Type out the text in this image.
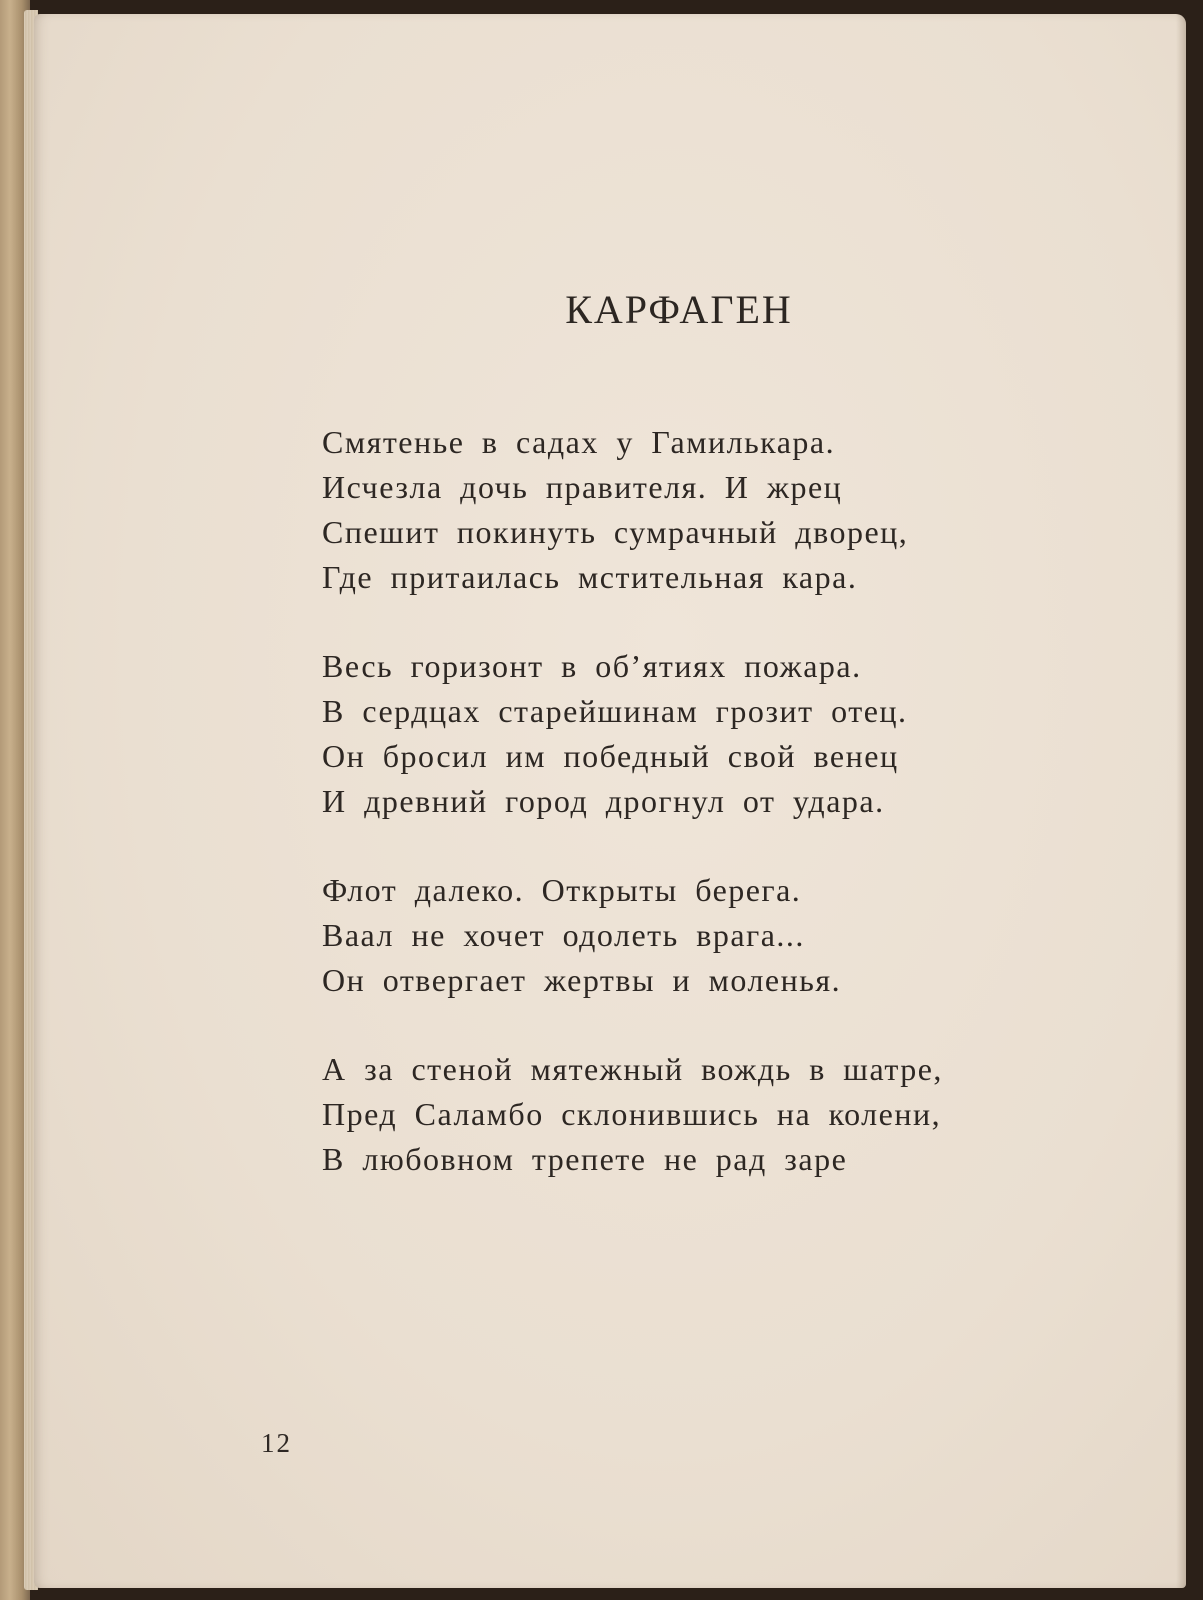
КАРФАГЕН
Смятенье в садах у Гамилькара.
Исчезла дочь правителя. И жрец
Спешит покинуть сумрачный дворец,
Где притаилась мстительная кара.
Весь горизонт в об’ятиях пожара.
В сердцах старейшинам грозит отец.
Он бросил им победный свой венец
И древний город дрогнул от удара.
Флот далеко. Открыты берега.
Ваал не хочет одолеть врага...
Он отвергает жертвы и моленья.
А за стеной мятежный вождь в шатре,
Пред Саламбо склонившись на колени,
В любовном трепете не рад заре
12
